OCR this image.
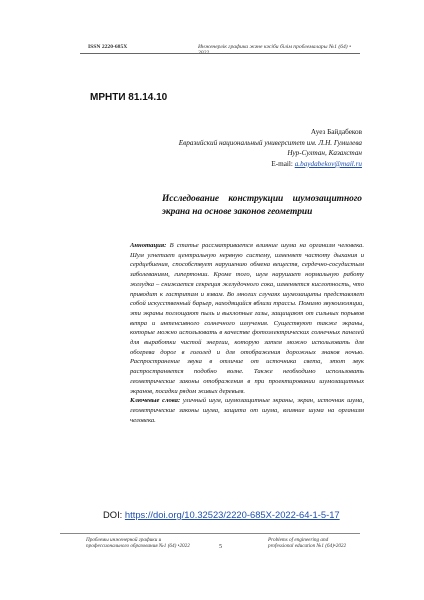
ISSN 2220-685X	Инженерлік графика және кәсіби білім проблемалары №1 (64) •
МРНТИ 81.14.10
Ауез Байдабеков
Евразийский национальный университет им. Л.Н. Гумилева
Нур-Султан, Казахстан
E-mail: a.baydabekov@mail.ru
Исследование конструкции шумозащитного экрана на основе законов геометрии
Аннотация: В статье рассматривается влияние шума на организм человека. Шум угнетает центральную нервную систему, изменяет частоту дыхания и сердцебиения, способствует нарушению обмена веществ, сердечно-сосудистым заболеваниям, гипертонии. Кроме того, шум нарушает нормальную работу желудка – снижается секреция желудочного сока, изменяется кислотность, что приводит к гастритам и язвам. Во многих случаях шумозащиты представляет собой искусственный барьер, находящийся вблизи трассы. Помимо звукоизоляции, эти экраны поглощают пыль и выхлопные газы, защищают от сильных порывов ветра и интенсивного солнечного излучения. Существуют также экраны, которые можно использовать в качестве фотоэлектрических солнечных панелей для выработки чистой энергии, которую затем можно использовать для обогрева дорог в гололед и для отображения дорожных знаков ночью. Распространение звука в отличие от источника света, этот звук распространяется подобно волне. Также необходимо использовать геометрические законы отображения в при проектировании шумозащитных экранов, посадки рядом живых деревьев.
Ключевые слова: уличный шум, шумозащитные экраны, экран, источник шума, геометрические законы шума, защита от шума, влияние шума на организм человека.
DOI: https://doi.org/10.32523/2220-685X-2022-64-1-5-17
Проблемы инженерной графики и
профессионального образования №1 (64) •2022	5
Problems of engineering and
professional education №1 (64)•2022
